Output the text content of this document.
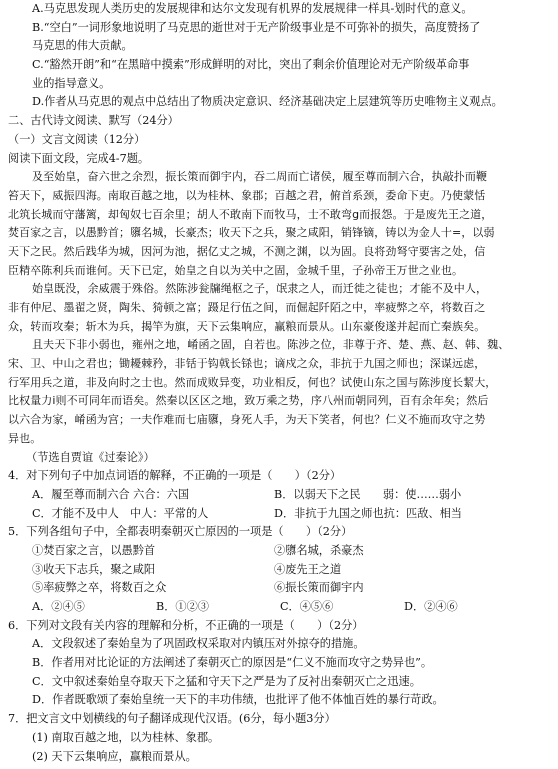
A.马克思发现人类历史的发展规律和达尔文发现有机界的发展规律一样具-划时代的意义。
B.“空白”一词形象地说明了马克思的逝世对于无产阶级事业是不可弥补的损失，高度赞扬了
马克思的伟大贡献。
C.“豁然开朗”和“在黑暗中摸索”形成鲜明的对比，突出了剩余价值理论对无产阶级革命事
业的指导意义。
D.作者从马克思的观点中总结出了物质决定意识、经济基础决定上层建筑等历史唯物主义观点。
二、古代诗文阅读、默写（24分）
（一）文言文阅读（12分）
阅读下面文段，完成4-7题。
及至始皇，奋六世之余烈，振长策而御宇内，吞二周而亡诸侯，履至尊而制六合，执敲扑而鞭
笞天下，威振四海。南取百越之地，以为桂林、象郡；百越之君，俯首系颈，委命下吏。乃使蒙恬
北筑长城而守藩篱，却匈奴七百余里；胡人不敢南下而牧马，士不敢弯g而报怨。于是废先王之道，
焚百家之言，以愚黔首；隳名城，长豪杰；收天下之兵，聚之咸阳，销锋镝，铸以为金人十=，以弱
天下之民。然后践华为城，因河为池，据亿丈之城，不测之渊，以为固。良将劲弩守要害之处，信
臣精卒陈利兵而谁何。天下已定，始皇之自以为关中之固，金城千里，子孙帝王万世之业也。
始皇既没，余威震于殊俗。然陈涉瓮牖绳枢之子，氓隶之人，而迁徙之徒也；才能不及中人，
非有仲尼、墨翟之贤，陶朱、猗顿之富；蹑足行伍之间，而倔起阡陌之中，率疲弊之卒，将数百之
众，转而攻秦；斩木为兵，揭竿为旗，天下云集响应，赢粮而景从。山东豪俊遂并起而亡秦族矣。
且夫天下非小弱也，雍州之地，崤函之固，自若也。陈涉之位，非尊于齐、楚、燕、赵、韩、魏、
宋、卫、中山之君也；锄耰棘矜，非铦于钩戟长铩也；谪戍之众，非抗于九国之师也；深谋远虑，
行军用兵之道，非及向时之士也。然而成败异变，功业相反，何也？试使山东之国与陈涉度长絜大，
比权量力i则不可同年而语矣。然秦以区区之地，致万乘之势，序八州而朝同列，百有余年矣；然后
以六合为家，崤函为宫；一夫作难而七庙隳，身死人手，为天下笑者，何也？仁义不施而攻守之势
异也。
（节选自贾谊《过秦论》）
4．对下列句子中加点词语的解释，不正确的一项是（　　）（2分）
A．履至尊而制六合 六合：六国	B．以弱天下之民　　弱：使……弱小
C．才能不及中人　中人：平常的人	D．非抗于九国之师也抗：匹敌、相当
5．下列各组句子中，全都表明秦朝灭亡原因的一项是（　　）（2分）
①焚百家之言，以愚黔首	②隳名城，杀豪杰
③收天下志兵，聚之咸阳	④废先王之道
⑤率疲弊之卒，将数百之众	⑥振长策而御宇内
A．②④⑤	B．①②③	C．④⑤⑥	D．②④⑥
6．下列对文段有关内容的理解和分析，不正确的一项是（　　）（2分）
A．文段叙述了秦始皇为了巩固政权采取对内镇压对外掠夺的措施。
B．作者用对比论证的方法阐述了秦朝灭亡的原因是“仁义不施而攻守之势异也”。
C．文中叙述秦始皇夺取天下之猛和守天下之严是为了反衬出秦朝灭亡之迅速。
D．作者既歌颂了秦始皇统一天下的丰功伟绩，也批评了他不体恤百姓的暴行苛政。
7．把文言文中划横线的句子翻译成现代汉语。(6分，每小题3分）
(1) 南取百越之地，以为桂林、象郡。
(2) 天下云集响应，赢粮而景从。
